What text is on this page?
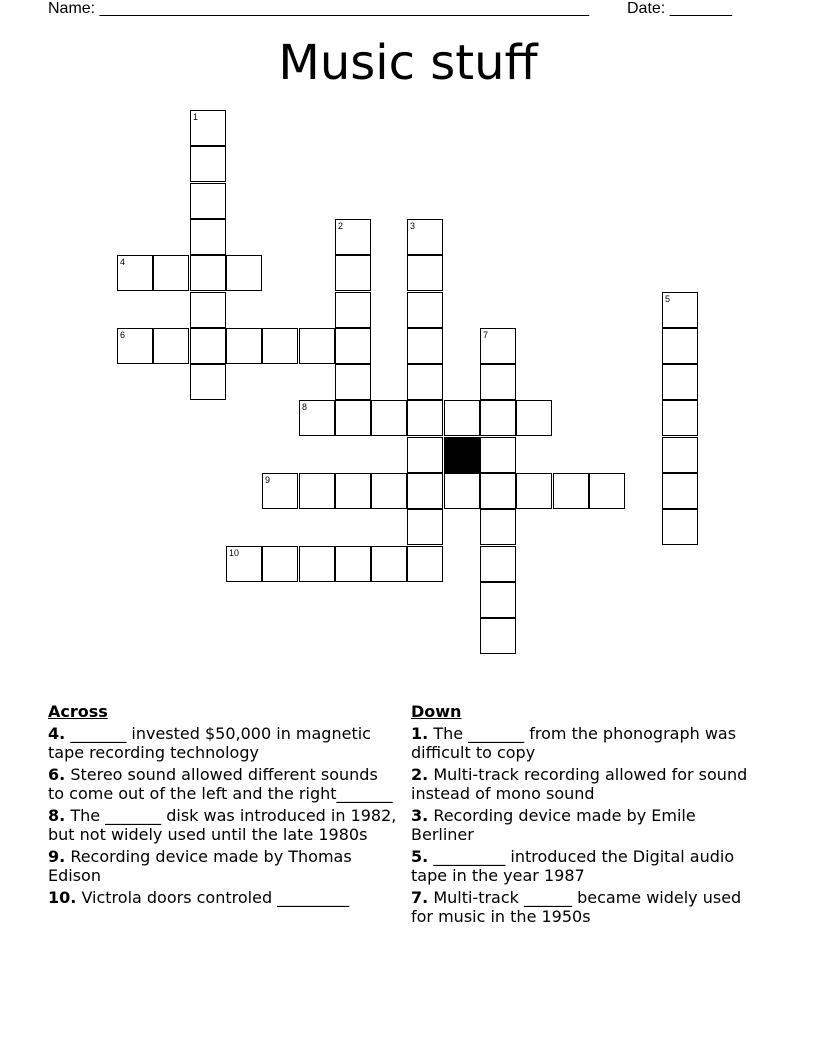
Name: _______________________________________________________ Date: _______
Music stuff
1
2	3
4
5
6	7
8
9
10
Across
4. _______ invested $50,000 in magnetic tape recording technology
6. Stereo sound allowed different sounds to come out of the left and the right_______
8. The _______ disk was introduced in 1982, but not widely used until the late 1980s
9. Recording device made by Thomas Edison
10. Victrola doors controled _________
Down
1. The _______ from the phonograph was difficult to copy
2. Multi-track recording allowed for sound instead of mono sound
3. Recording device made by Emile Berliner
5. _________ introduced the Digital audio tape in the year 1987
7. Multi-track ______ became widely used for music in the 1950s
